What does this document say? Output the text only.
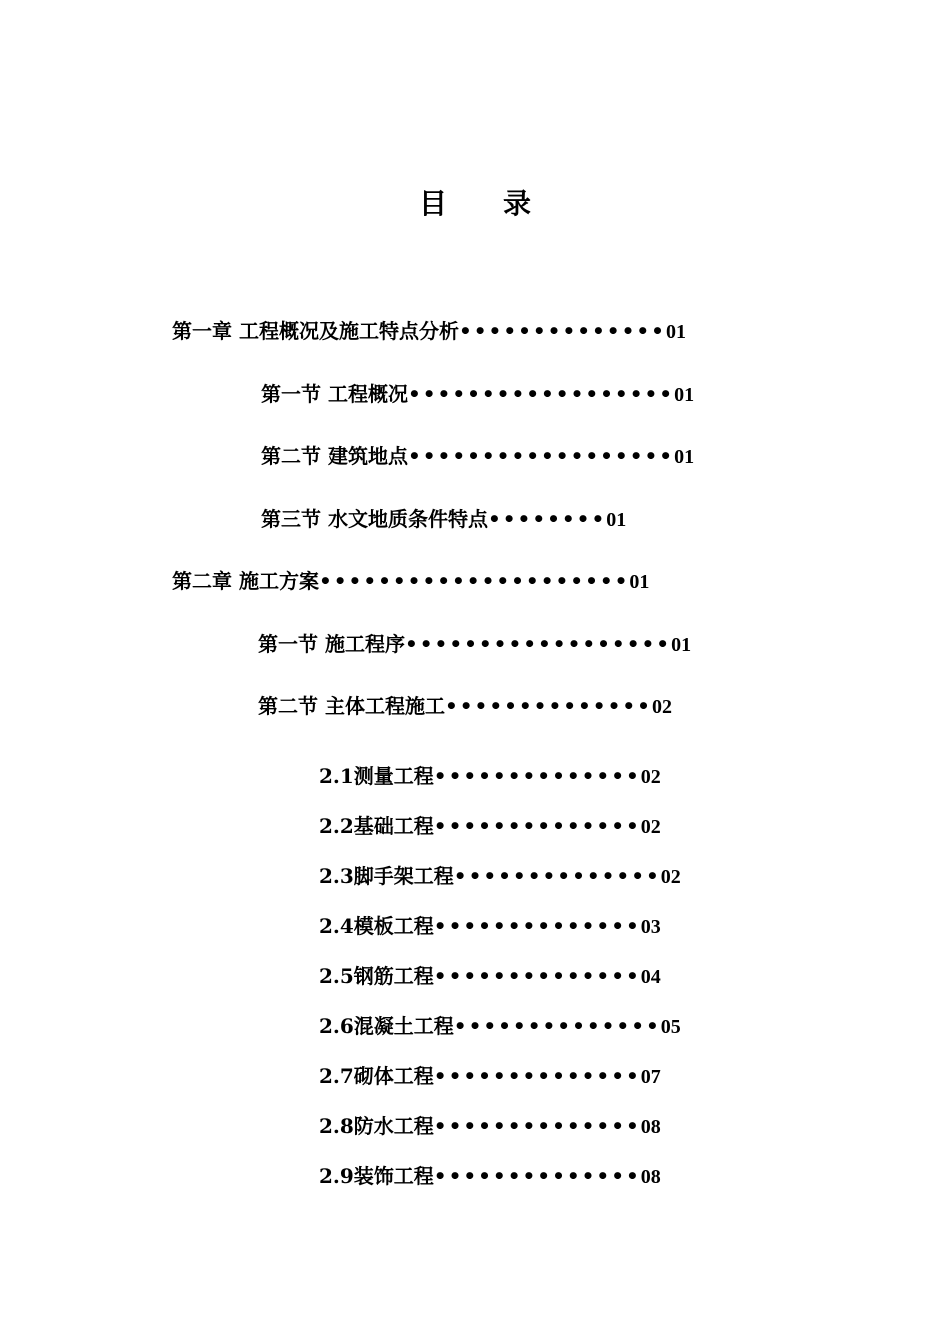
目 录
第一章 工程概况及施工特点分析••••••••••••••01
第一节 工程概况••••••••••••••••••01
第二节 建筑地点••••••••••••••••••01
第三节 水文地质条件特点••••••••01
第二章 施工方案•••••••••••••••••••••01
第一节 施工程序••••••••••••••••••01
第二节 主体工程施工••••••••••••••02
2.1测量工程••••••••••••••02
2.2基础工程••••••••••••••02
2.3脚手架工程••••••••••••••02
2.4模板工程••••••••••••••03
2.5钢筋工程••••••••••••••04
2.6混凝土工程••••••••••••••05
2.7砌体工程••••••••••••••07
2.8防水工程••••••••••••••08
2.9装饰工程••••••••••••••08
